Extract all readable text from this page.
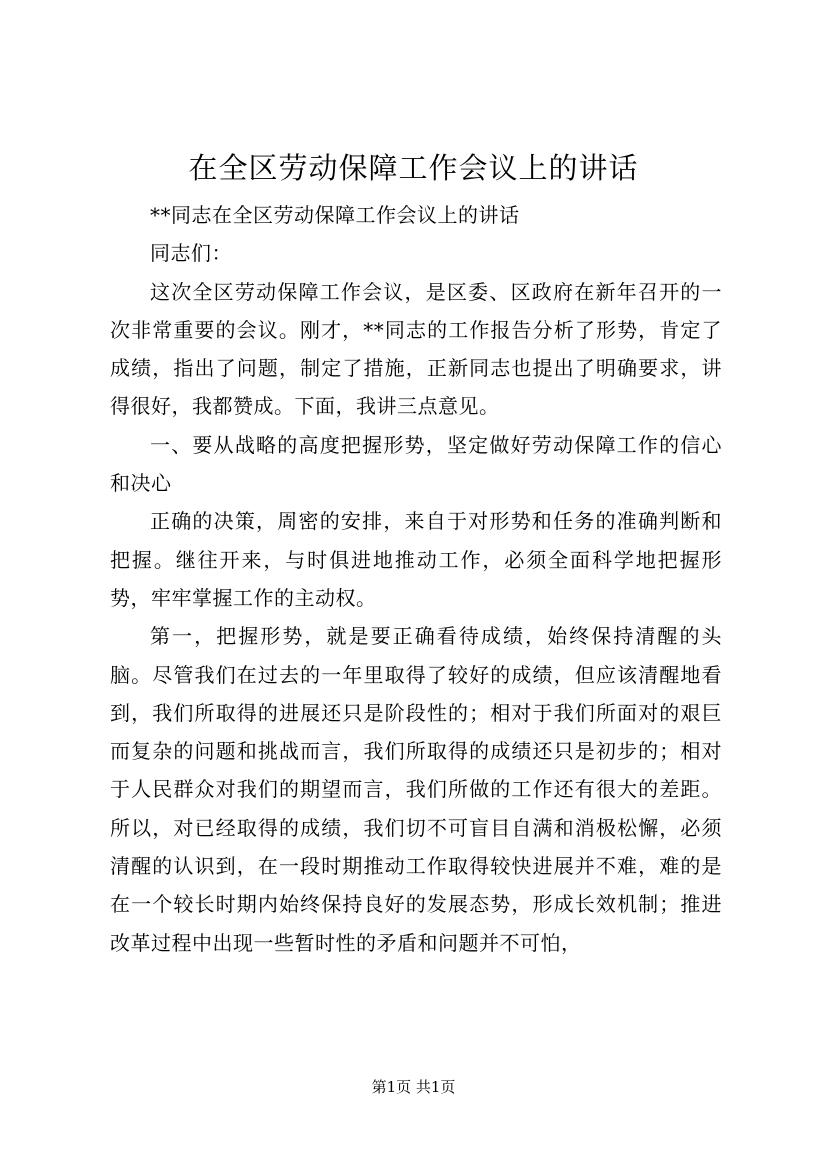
在全区劳动保障工作会议上的讲话

**同志在全区劳动保障工作会议上的讲话

同志们：

这次全区劳动保障工作会议，是区委、区政府在新年召开的一次非常重要的会议。刚才，**同志的工作报告分析了形势，肯定了成绩，指出了问题，制定了措施，正新同志也提出了明确要求，讲得很好，我都赞成。下面，我讲三点意见。

一、要从战略的高度把握形势，坚定做好劳动保障工作的信心和决心

正确的决策，周密的安排，来自于对形势和任务的准确判断和把握。继往开来，与时俱进地推动工作，必须全面科学地把握形势，牢牢掌握工作的主动权。

第一，把握形势，就是要正确看待成绩，始终保持清醒的头脑。尽管我们在过去的一年里取得了较好的成绩，但应该清醒地看到，我们所取得的进展还只是阶段性的；相对于我们所面对的艰巨而复杂的问题和挑战而言，我们所取得的成绩还只是初步的；相对于人民群众对我们的期望而言，我们所做的工作还有很大的差距。所以，对已经取得的成绩，我们切不可盲目自满和消极松懈，必须清醒的认识到，在一段时期推动工作取得较快进展并不难，难的是在一个较长时期内始终保持良好的发展态势，形成长效机制；推进改革过程中出现一些暂时性的矛盾和问题并不可怕，

第1页 共1页
